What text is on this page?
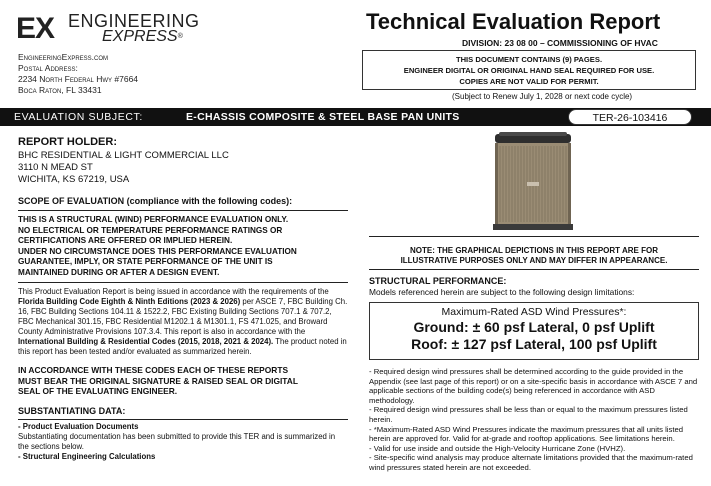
EX ENGINEERING
EXPRESS®
EngineeringExpress.com
Postal Address:
2234 North Federal Hwy #7664
Boca Raton, FL 33431
Technical Evaluation Report
DIVISION: 23 08 00 – COMMISSIONING OF HVAC
THIS DOCUMENT CONTAINS (9) PAGES.
ENGINEER DIGITAL OR ORIGINAL HAND SEAL REQUIRED FOR USE.
COPIES ARE NOT VALID FOR PERMIT.
(Subject to Renew July 1, 2028 or next code cycle)
EVALUATION SUBJECT:	E-CHASSIS COMPOSITE & STEEL BASE PAN UNITS	TER-26-103416
REPORT HOLDER:
BHC RESIDENTIAL & LIGHT COMMERCIAL LLC
3110 N MEAD ST
WICHITA, KS 67219, USA
SCOPE OF EVALUATION (compliance with the following codes):
THIS IS A STRUCTURAL (WIND) PERFORMANCE EVALUATION ONLY.
NO ELECTRICAL OR TEMPERATURE PERFORMANCE RATINGS OR
CERTIFICATIONS ARE OFFERED OR IMPLIED HEREIN.
UNDER NO CIRCUMSTANCE DOES THIS PERFORMANCE EVALUATION
GUARANTEE, IMPLY, OR STATE PERFORMANCE OF THE UNIT IS
MAINTAINED DURING OR AFTER A DESIGN EVENT.
This Product Evaluation Report is being issued in accordance with the requirements of the Florida Building Code Eighth & Ninth Editions (2023 & 2026) per ASCE 7, FBC Building Ch. 16, FBC Building Sections 104.11 & 1522.2, FBC Existing Building Sections 707.1 & 707.2, FBC Mechanical 301.15, FBC Residential M1202.1 & M1301.1, FS 471.025, and Broward County Administrative Provisions 107.3.4. This report is also in accordance with the International Building & Residential Codes (2015, 2018, 2021 & 2024). The product noted in this report has been tested and/or evaluated as summarized herein.
IN ACCORDANCE WITH THESE CODES EACH OF THESE REPORTS
MUST BEAR THE ORIGINAL SIGNATURE & RAISED SEAL OR DIGITAL
SEAL OF THE EVALUATING ENGINEER.
SUBSTANTIATING DATA:
- Product Evaluation Documents
Substantiating documentation has been submitted to provide this TER and is summarized in the sections below.
- Structural Engineering Calculations
NOTE: THE GRAPHICAL DEPICTIONS IN THIS REPORT ARE FOR
ILLUSTRATIVE PURPOSES ONLY AND MAY DIFFER IN APPEARANCE.
STRUCTURAL PERFORMANCE:
Models referenced herein are subject to the following design limitations:
Maximum-Rated ASD Wind Pressures*:
Ground: ± 60 psf Lateral, 0 psf Uplift
Roof: ± 127 psf Lateral, 100 psf Uplift
- Required design wind pressures shall be determined according to the guide provided in the Appendix (see last page of this report) or on a site-specific basis in accordance with ASCE 7 and applicable sections of the building code(s) being referenced in accordance with ASD methodology.
- Required design wind pressures shall be less than or equal to the maximum pressures listed herein.
- *Maximum-Rated ASD Wind Pressures indicate the maximum pressures that all units listed herein are approved for. Valid for at-grade and rooftop applications. See limitations herein.
- Valid for use inside and outside the High-Velocity Hurricane Zone (HVHZ).
- Site-specific wind analysis may produce alternate limitations provided that the maximum-rated wind pressures stated herein are not exceeded.
